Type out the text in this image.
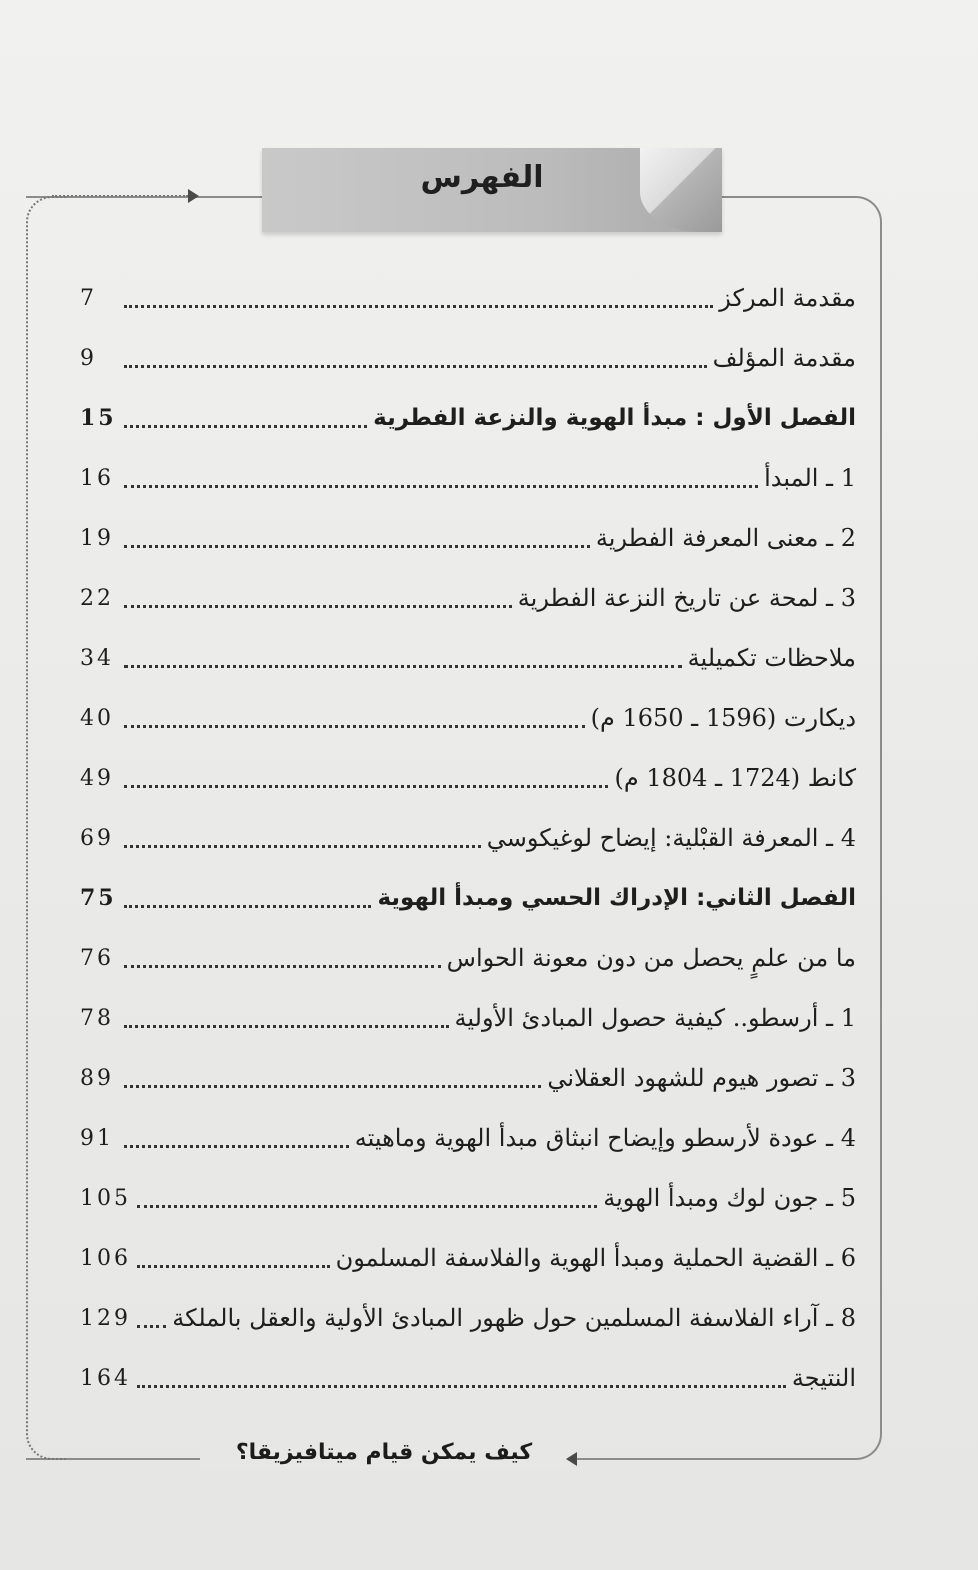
الفهرس
7	مقدمة المركز
9	مقدمة المؤلف
15	الفصل الأول : مبدأ الهوية والنزعة الفطرية
16	1 ـ المبدأ
19	2 ـ معنى المعرفة الفطرية
22	3 ـ لمحة عن تاريخ النزعة الفطرية
34	ملاحظات تكميلية
40	ديكارت (1596 ـ 1650 م)
49	كانط (1724 ـ 1804 م)
69	4 ـ المعرفة القبْلية: إيضاح لوغيكوسي
75	الفصل الثاني: الإدراك الحسي ومبدأ الهوية
76	ما من علمٍ يحصل من دون معونة الحواس
78	1 ـ أرسطو.. كيفية حصول المبادئ الأولية
89	3 ـ تصور هيوم للشهود العقلاني
91	4 ـ عودة لأرسطو وإيضاح انبثاق مبدأ الهوية وماهيته
105	5 ـ جون لوك ومبدأ الهوية
106	6 ـ القضية الحملية ومبدأ الهوية والفلاسفة المسلمون
129 8 ـ آراء الفلاسفة المسلمين حول ظهور المبادئ الأولية والعقل بالملكة
164	النتيجة
كيف يمكن قيام ميتافيزيقا؟
